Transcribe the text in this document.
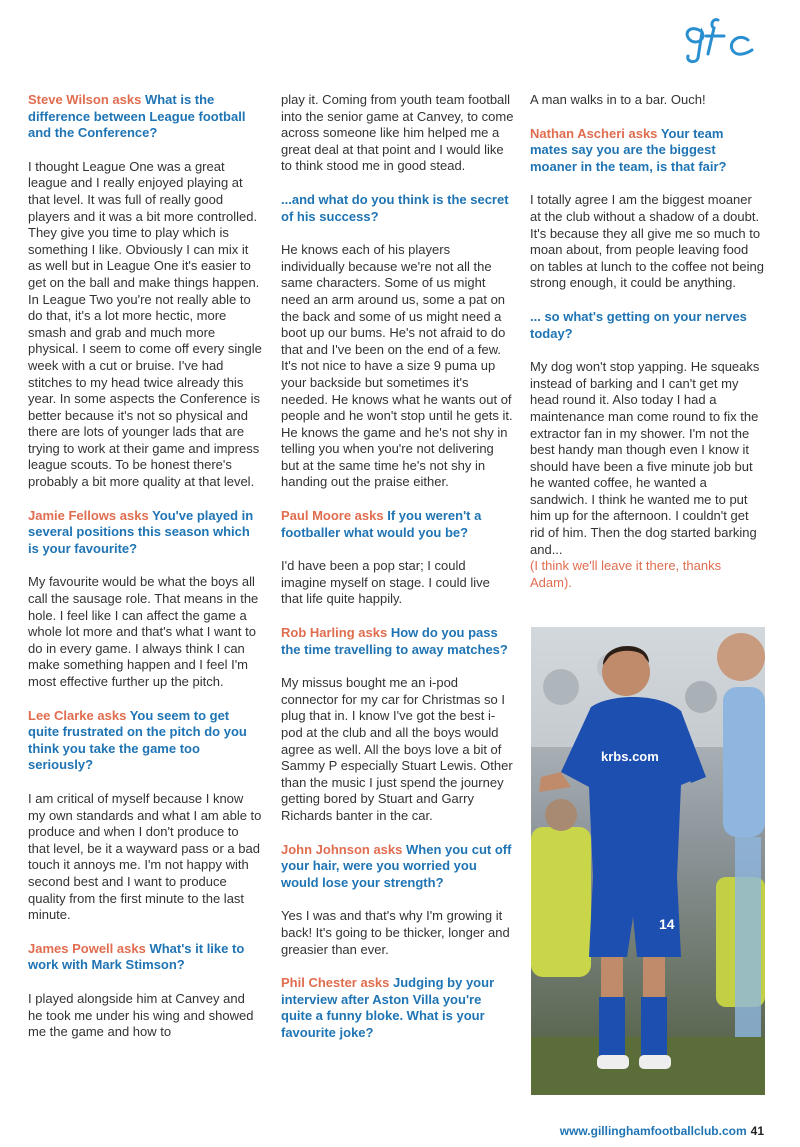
Steve Wilson asks What is the difference between League football and the Conference?

I thought League One was a great league and I really enjoyed playing at that level. It was full of really good players and it was a bit more controlled. They give you time to play which is something I like. Obviously I can mix it as well but in League One it's easier to get on the ball and make things happen. In League Two you're not really able to do that, it's a lot more hectic, more smash and grab and much more physical. I seem to come off every single week with a cut or bruise. I've had stitches to my head twice already this year. In some aspects the Conference is better because it's not so physical and there are lots of younger lads that are trying to work at their game and impress league scouts. To be honest there's probably a bit more quality at that level.

Jamie Fellows asks You've played in several positions this season which is your favourite?

My favourite would be what the boys all call the sausage role. That means in the hole. I feel like I can affect the game a whole lot more and that's what I want to do in every game. I always think I can make something happen and I feel I'm most effective further up the pitch.

Lee Clarke asks You seem to get quite frustrated on the pitch do you think you take the game too seriously?

I am critical of myself because I know my own standards and what I am able to produce and when I don't produce to that level, be it a wayward pass or a bad touch it annoys me. I'm not happy with second best and I want to produce quality from the first minute to the last minute.

James Powell asks What's it like to work with Mark Stimson?

I played alongside him at Canvey and he took me under his wing and showed me the game and how to

play it. Coming from youth team football into the senior game at Canvey, to come across someone like him helped me a great deal at that point and I would like to think stood me in good stead.

...and what do you think is the secret of his success?

He knows each of his players individually because we're not all the same characters. Some of us might need an arm around us, some a pat on the back and some of us might need a boot up our bums. He's not afraid to do that and I've been on the end of a few. It's not nice to have a size 9 puma up your backside but sometimes it's needed. He knows what he wants out of people and he won't stop until he gets it. He knows the game and he's not shy in telling you when you're not delivering but at the same time he's not shy in handing out the praise either.

Paul Moore asks If you weren't a footballer what would you be?

I'd have been a pop star; I could imagine myself on stage. I could live that life quite happily.

Rob Harling asks How do you pass the time travelling to away matches?

My missus bought me an i-pod connector for my car for Christmas so I plug that in. I know I've got the best i-pod at the club and all the boys would agree as well. All the boys love a bit of Sammy P especially Stuart Lewis. Other than the music I just spend the journey getting bored by Stuart and Garry Richards banter in the car.

John Johnson asks When you cut off your hair, were you worried you would lose your strength?

Yes I was and that's why I'm growing it back! It's going to be thicker, longer and greasier than ever.

Phil Chester asks Judging by your interview after Aston Villa you're quite a funny bloke. What is your favourite joke?

A man walks in to a bar. Ouch!

Nathan Ascheri asks Your team mates say you are the biggest moaner in the team, is that fair?

I totally agree I am the biggest moaner at the club without a shadow of a doubt. It's because they all give me so much to moan about, from people leaving food on tables at lunch to the coffee not being strong enough, it could be anything.

... so what's getting on your nerves today?

My dog won't stop yapping. He squeaks instead of barking and I can't get my head round it. Also today I had a maintenance man come round to fix the extractor fan in my shower. I'm not the best handy man though even I know it should have been a five minute job but he wanted coffee, he wanted a sandwich. I think he wanted me to put him up for the afternoon. I couldn't get rid of him. Then the dog started barking and...

(I think we'll leave it there, thanks Adam).

krbs.com
14
www.gillinghamfootballclub.com 41
